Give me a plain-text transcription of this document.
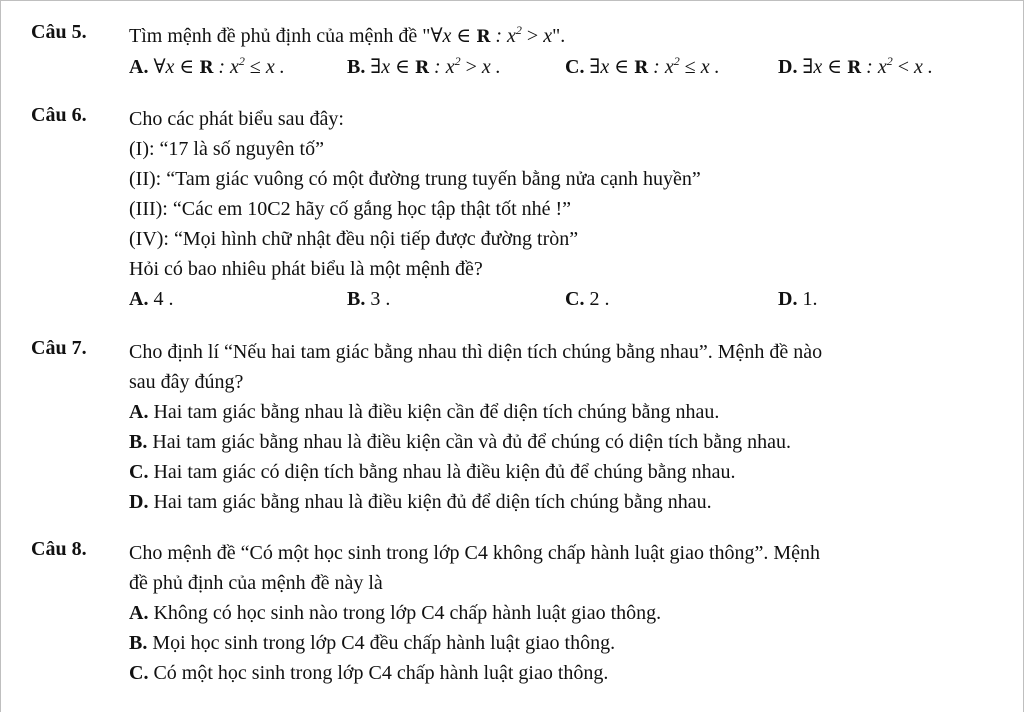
Câu 5. Tìm mệnh đề phủ định của mệnh đề "∀x ∈ R : $x^2 > x$".
A. ∀x ∈ R : $x^2 \le x$ .	B. ∃x ∈ R : $x^2 > x$ .	C. ∃x ∈ R : $x^2 \le x$ .	D. ∃x ∈ R : $x^2 < x$ .
Câu 6. Cho các phát biểu sau đây:
(I): “17 là số nguyên tố”
(II): “Tam giác vuông có một đường trung tuyến bằng nửa cạnh huyền”
(III): “Các em 10C2 hãy cố gắng học tập thật tốt nhé !”
(IV): “Mọi hình chữ nhật đều nội tiếp được đường tròn”
Hỏi có bao nhiêu phát biểu là một mệnh đề?
A. 4 .	B. 3 .	C. 2 .	D. 1.
Câu 7. Cho định lí “Nếu hai tam giác bằng nhau thì diện tích chúng bằng nhau”. Mệnh đề nào
sau đây đúng?
A. Hai tam giác bằng nhau là điều kiện cần để diện tích chúng bằng nhau.
B. Hai tam giác bằng nhau là điều kiện cần và đủ để chúng có diện tích bằng nhau.
C. Hai tam giác có diện tích bằng nhau là điều kiện đủ để chúng bằng nhau.
D. Hai tam giác bằng nhau là điều kiện đủ để diện tích chúng bằng nhau.
Câu 8. Cho mệnh đề “Có một học sinh trong lớp C4 không chấp hành luật giao thông”. Mệnh
đề phủ định của mệnh đề này là
A. Không có học sinh nào trong lớp C4 chấp hành luật giao thông.
B. Mọi học sinh trong lớp C4 đều chấp hành luật giao thông.
C. Có một học sinh trong lớp C4 chấp hành luật giao thông.
